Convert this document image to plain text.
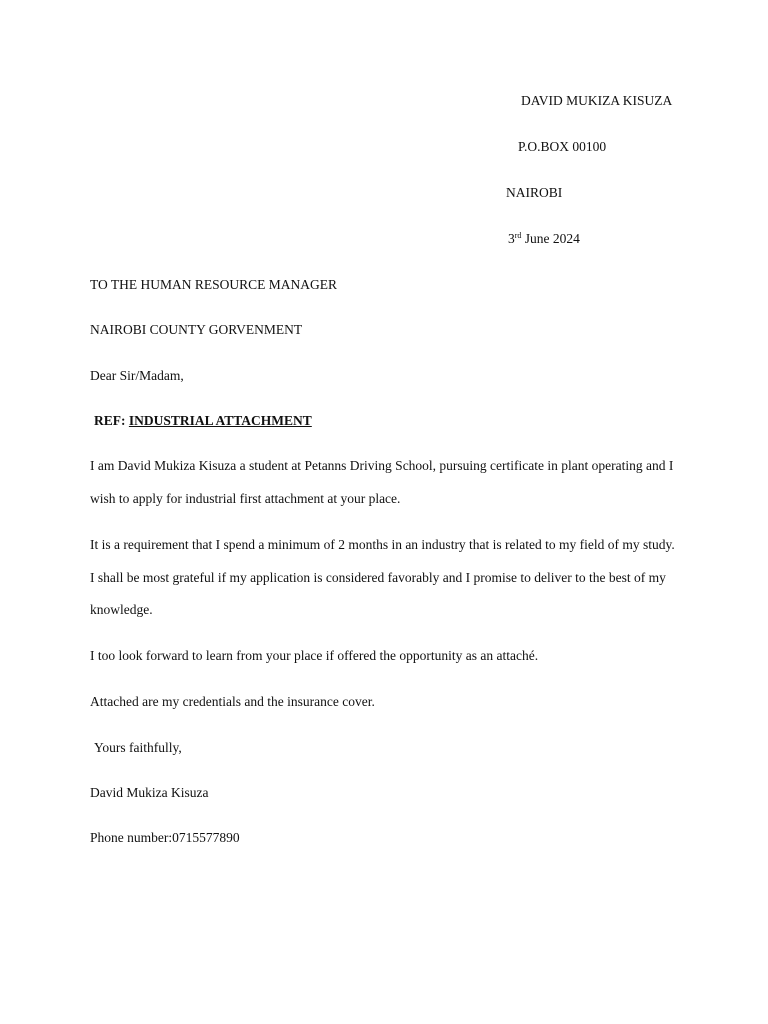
DAVID MUKIZA KISUZA
P.O.BOX 00100
NAIROBI
3rd June 2024
TO THE HUMAN RESOURCE MANAGER
NAIROBI COUNTY GORVENMENT
Dear Sir/Madam,
REF: INDUSTRIAL ATTACHMENT
I am David Mukiza Kisuza a student at Petanns Driving School, pursuing certificate in plant operating and I wish to apply for industrial first attachment at your place.
It is a requirement that I spend a minimum of 2 months in an industry that is related to my field of my study. I shall be most grateful if my application is considered favorably and I promise to deliver to the best of my knowledge.
I too look forward to learn from your place if offered the opportunity as an attaché.
Attached are my credentials and the insurance cover.
Yours faithfully,
David Mukiza Kisuza
Phone number:0715577890
